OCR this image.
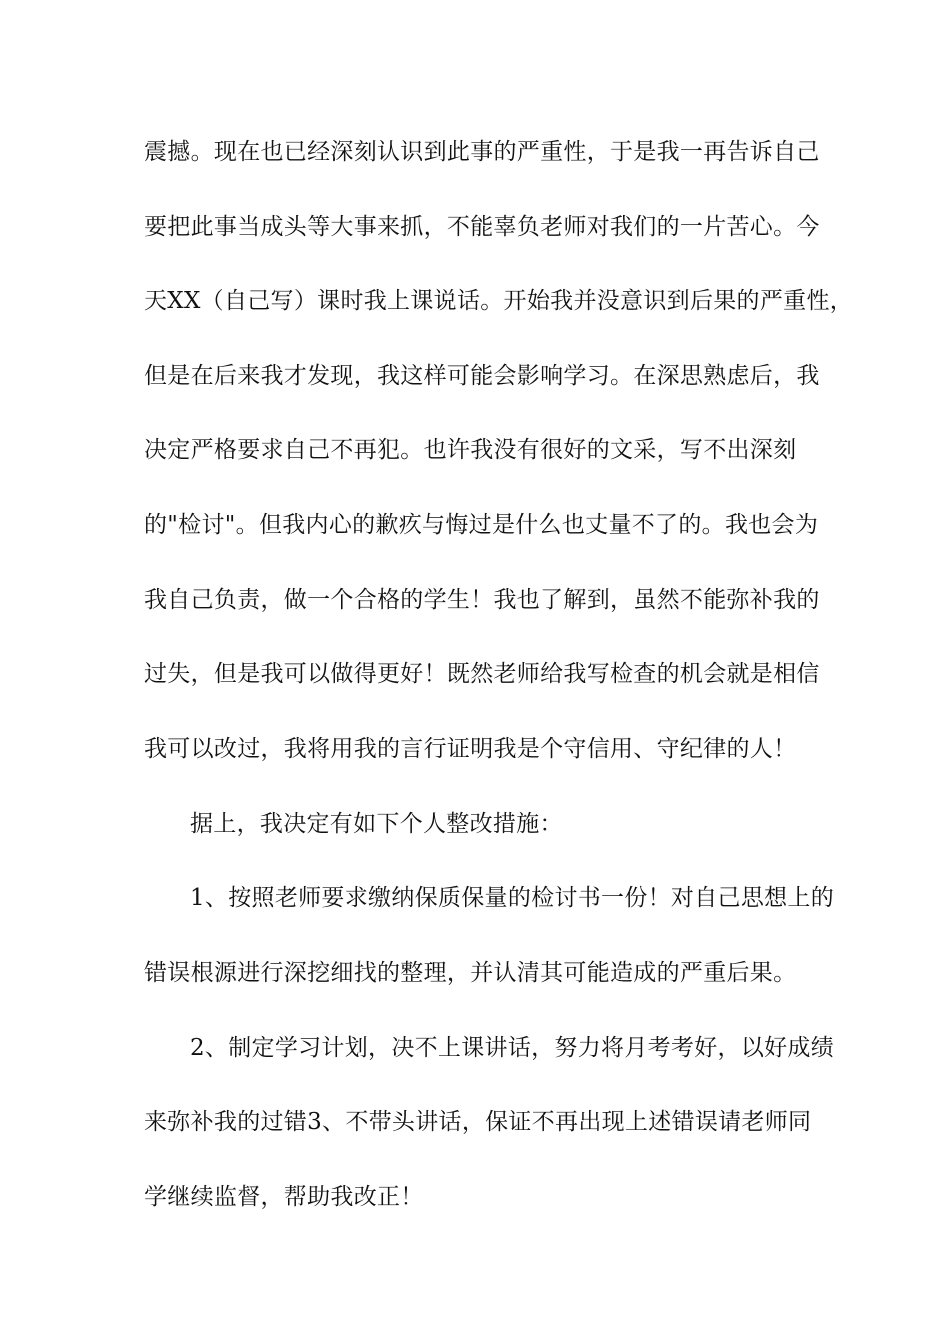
震撼。现在也已经深刻认识到此事的严重性，于是我一再告诉自己
要把此事当成头等大事来抓，不能辜负老师对我们的一片苦心。今
天XX（自己写）课时我上课说话。开始我并没意识到后果的严重性，
但是在后来我才发现，我这样可能会影响学习。在深思熟虑后，我
决定严格要求自己不再犯。也许我没有很好的文采，写不出深刻
的"检讨"。但我内心的歉疚与悔过是什么也丈量不了的。我也会为
我自己负责，做一个合格的学生！我也了解到，虽然不能弥补我的
过失，但是我可以做得更好！既然老师给我写检查的机会就是相信
我可以改过，我将用我的言行证明我是个守信用、守纪律的人！
据上，我决定有如下个人整改措施：
1、按照老师要求缴纳保质保量的检讨书一份！对自己思想上的
错误根源进行深挖细找的整理，并认清其可能造成的严重后果。
2、制定学习计划，决不上课讲话，努力将月考考好，以好成绩
来弥补我的过错3、不带头讲话，保证不再出现上述错误请老师同
学继续监督，帮助我改正！
